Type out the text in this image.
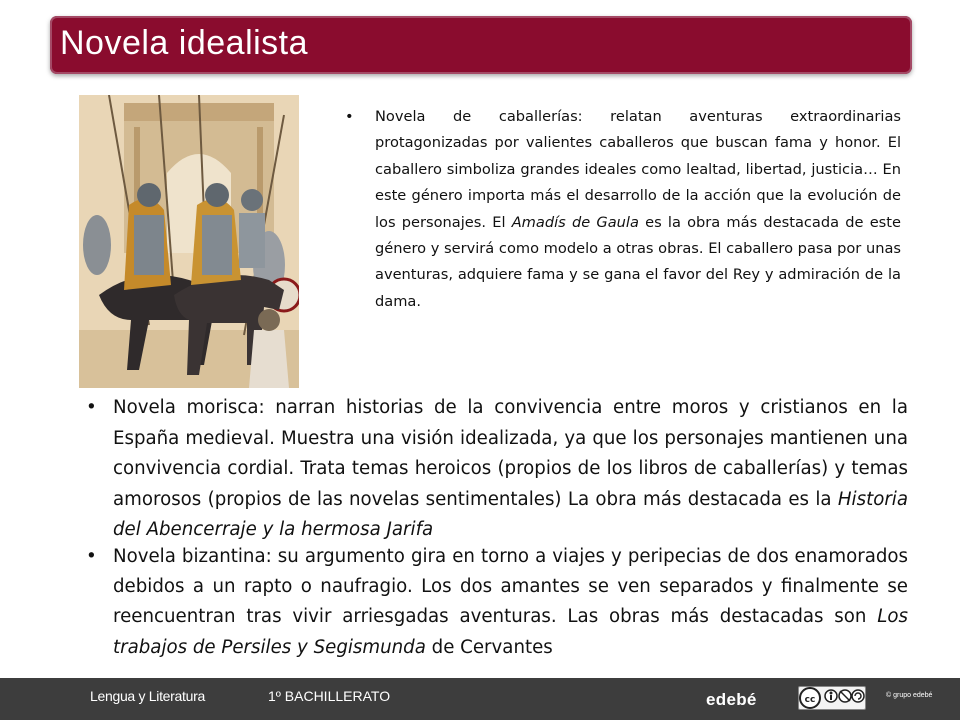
Novela idealista
• Novela de caballerías: relatan aventuras extraordinarias protagonizadas por valientes caballeros que buscan fama y honor. El caballero simboliza grandes ideales como lealtad, libertad, justicia… En este género importa más el desarrollo de la acción que la evolución de los personajes. El Amadís de Gaula es la obra más destacada de este género y servirá como modelo a otras obras. El caballero pasa por unas aventuras, adquiere fama y se gana el favor del Rey y admiración de la dama.
• Novela morisca: narran historias de la convivencia entre moros y cristianos en la España medieval. Muestra una visión idealizada, ya que los personajes mantienen una convivencia cordial. Trata temas heroicos (propios de los libros de caballerías) y temas amorosos (propios de las novelas sentimentales) La obra más destacada es la Historia del Abencerraje y la hermosa Jarifa
• Novela bizantina: su argumento gira en torno a viajes y peripecias de dos enamorados debidos a un rapto o naufragio. Los dos amantes se ven separados y finalmente se reencuentran tras vivir arriesgadas aventuras. Las obras más destacadas son Los trabajos de Persiles y Segismunda de Cervantes
Lengua y Literatura	1º BACHILLERATO	edebé	cc	© grupo edebé
